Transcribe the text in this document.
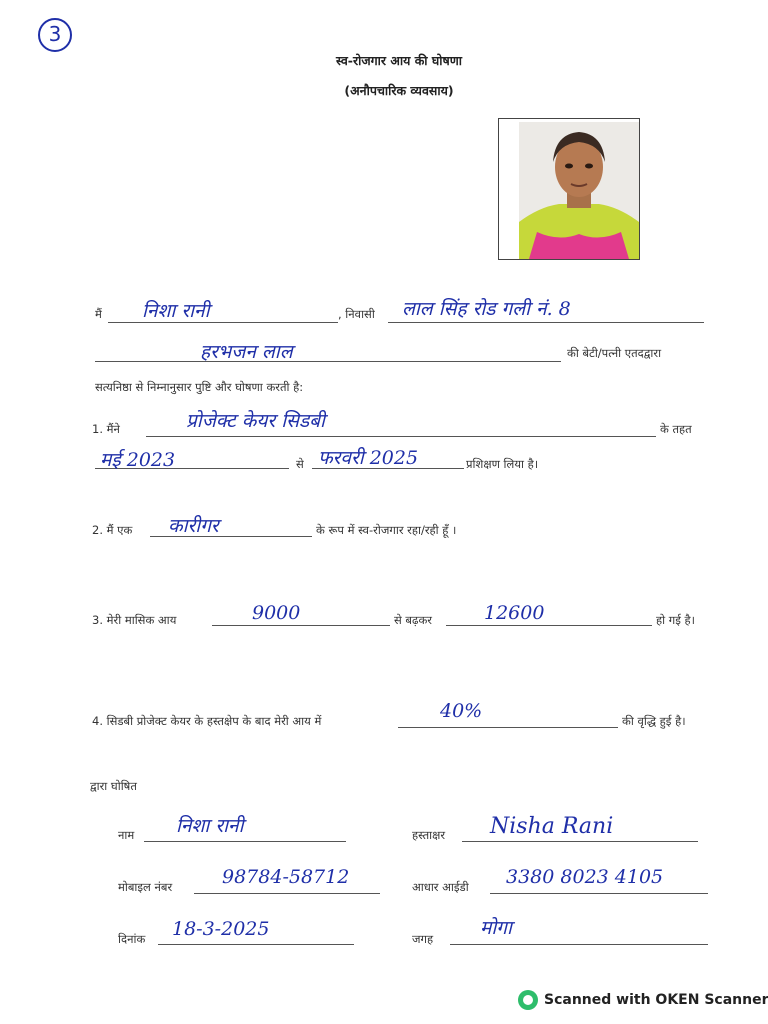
3
स्व-रोजगार आय की घोषणा
(अनौपचारिक व्यवसाय)
मैं निशा रानी	, निवासी लाल सिंह रोड गली नं. 8
हरभजन लाल	की बेटी/पत्नी एतदद्वारा
सत्यनिष्ठा से निम्नानुसार पुष्टि और घोषणा करती है:
1. मैंने	प्रोजेक्ट केयर सिडबी	के तहत
मई 2023	से फरवरी 2025	प्रशिक्षण लिया है।
2. मैं एक कारीगर	के रूप में स्व-रोजगार रहा/रही हूँ ।
3. मेरी मासिक आय	9000	से बढ़कर	12600	हो गई है।
4. सिडबी प्रोजेक्ट केयर के हस्तक्षेप के बाद मेरी आय में	40%	की वृद्धि हुई है।
द्वारा घोषित
नाम निशा रानी	हस्ताक्षर Nisha Rani
मोबाइल नंबर	98784-58712	आधार आईडी 3380 8023 4105
दिनांक 18-3-2025	जगह मोगा
Scanned with OKEN Scanner
